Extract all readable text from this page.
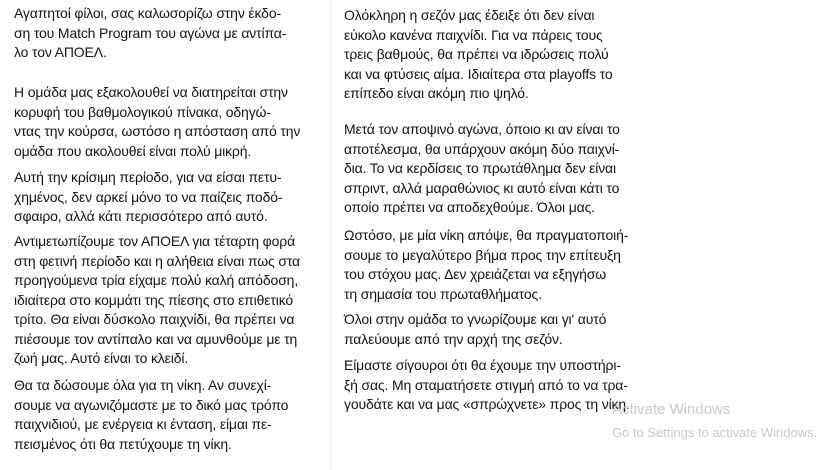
Αγαπητοί φίλοι, σας καλωσορίζω στην έκδο-
ση του Match Program του αγώνα με αντίπα-
λο τον ΑΠΟΕΛ.
Η ομάδα μας εξακολουθεί να διατηρείται στην
κορυφή του βαθμολογικού πίνακα, οδηγώ-
ντας την κούρσα, ωστόσο η απόσταση από την
ομάδα που ακολουθεί είναι πολύ μικρή.
Αυτή την κρίσιμη περίοδο, για να είσαι πετυ-
χημένος, δεν αρκεί μόνο το να παίζεις ποδό-
σφαιρο, αλλά κάτι περισσότερο από αυτό.
Αντιμετωπίζουμε τον ΑΠΟΕΛ για τέταρτη φορά
στη φετινή περίοδο και η αλήθεια είναι πως στα
προηγούμενα τρία είχαμε πολύ καλή απόδοση,
ιδιαίτερα στο κομμάτι της πίεσης στο επιθετικό
τρίτο. Θα είναι δύσκολο παιχνίδι, θα πρέπει να
πιέσουμε τον αντίπαλο και να αμυνθούμε με τη
ζωή μας. Αυτό είναι το κλειδί.
Θα τα δώσουμε όλα για τη νίκη. Αν συνεχί-
σουμε να αγωνιζόμαστε με το δικό μας τρόπο
παιχνιδιού, με ενέργεια κι ένταση, είμαι πε-
πεισμένος ότι θα πετύχουμε τη νίκη.
Ολόκληρη η σεζόν μας έδειξε ότι δεν είναι
εύκολο κανένα παιχνίδι. Για να πάρεις τους
τρεις βαθμούς, θα πρέπει να ιδρώσεις πολύ
και να φτύσεις αίμα. Ιδιαίτερα στα playoffs το
επίπεδο είναι ακόμη πιο ψηλό.
Μετά τον αποψινό αγώνα, όποιο κι αν είναι το
αποτέλεσμα, θα υπάρχουν ακόμη δύο παιχνί-
δια. Το να κερδίσεις το πρωτάθλημα δεν είναι
σπριντ, αλλά μαραθώνιος κι αυτό είναι κάτι το
οποίο πρέπει να αποδεχθούμε. Όλοι μας.
Ωστόσο, με μία νίκη απόψε, θα πραγματοποιή-
σουμε το μεγαλύτερο βήμα προς την επίτευξη
του στόχου μας. Δεν χρειάζεται να εξηγήσω
τη σημασία του πρωταθλήματος.
Όλοι στην ομάδα το γνωρίζουμε και γι' αυτό
παλεύουμε από την αρχή της σεζόν.
Είμαστε σίγουροι ότι θα έχουμε την υποστήρι-
ξή σας. Μη σταματήσετε στιγμή από το να τρα-
γουδάτε και να μας «σπρώχνετε» προς τη νίκη.
Activate Windows
Go to Settings to activate Windows.
